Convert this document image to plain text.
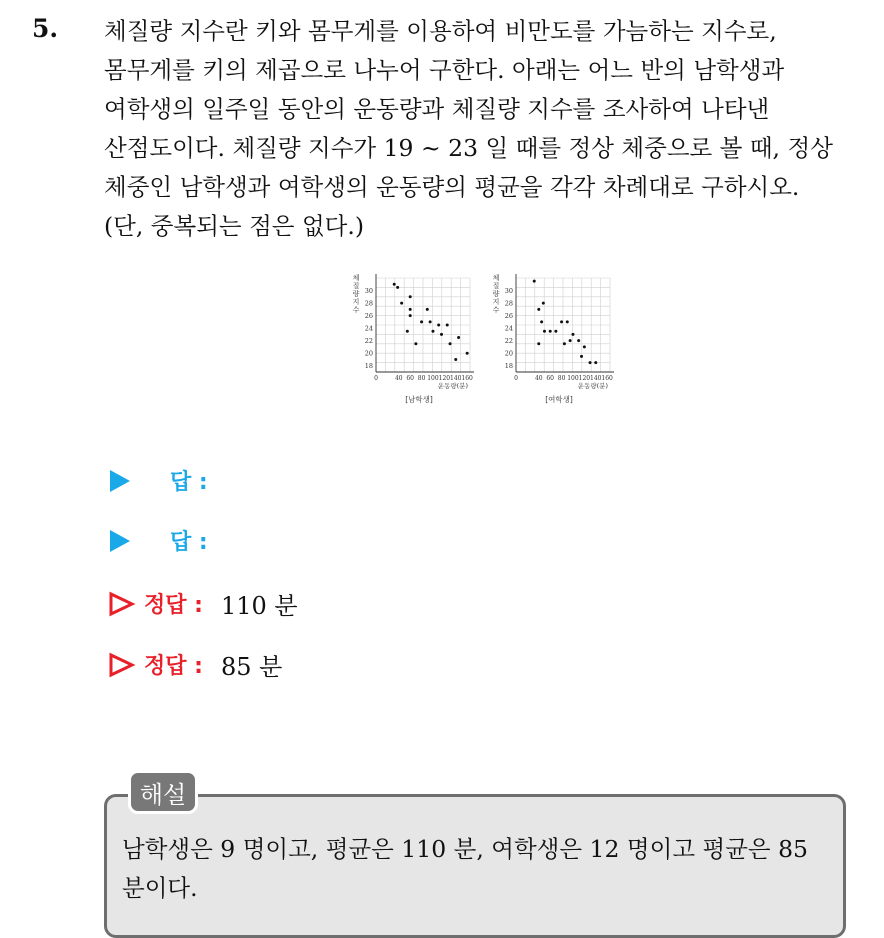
5. 체질량 지수란 키와 몸무게를 이용하여 비만도를 가늠하는 지수로,
몸무게를 키의 제곱으로 나누어 구한다. 아래는 어느 반의 남학생과
여학생의 일주일 동안의 운동량과 체질량 지수를 조사하여 나타낸
산점도이다. 체질량 지수가 19 ~ 23 일 때를 정상 체중으로 볼 때, 정상
체중인 남학생과 여학생의 운동량의 평균을 각각 차례대로 구하시오.
(단, 중복되는 점은 없다.)
18
20
22
24
26
28
30
0	40 60 80 100 120 140 160
체
질
량
지
수
운동량(분)
[남학생]
18
20
22
24
26
28
30
0	40 60 80 100 120 140 160
체
질
량
지
수
운동량(분)
[여학생]
답 :
답 :
정답 : 110 분
정답 : 85 분
해설
남학생은 9 명이고, 평균은 110 분, 여학생은 12 명이고 평균은 85
분이다.
